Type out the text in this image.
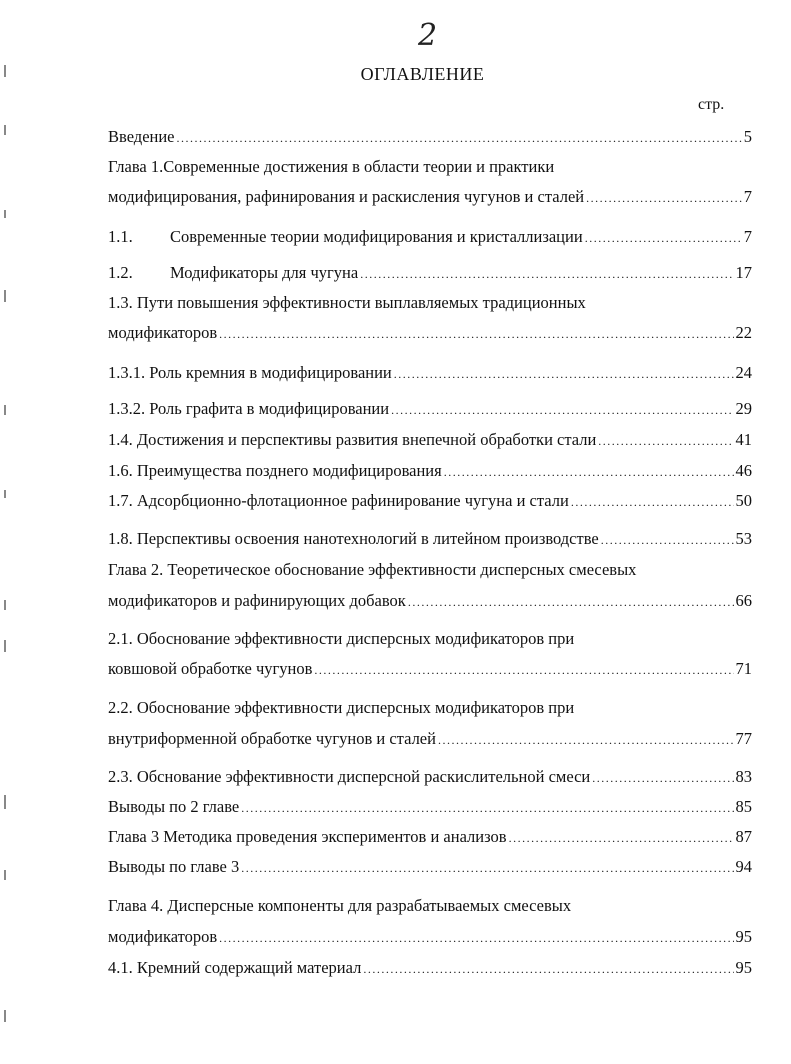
2
ОГЛАВЛЕНИЕ
стр.
Введение .....	5
Глава 1.Современные достижения в области теории и практики
модифицирования, рафинирования и раскисления чугунов и сталей .....	7
1.1. Современные теории модифицирования и кристаллизации .....	7
1.2. Модификаторы для чугуна .....	17
1.3. Пути повышения эффективности выплавляемых традиционных
модификаторов .....	22
1.3.1. Роль кремния в модифицировании .....	24
1.3.2. Роль графита в модифицировании .....	29
1.4. Достижения и перспективы развития внепечной обработки стали .....	41
1.6. Преимущества позднего модифицирования .....	46
1.7. Адсорбционно-флотационное рафинирование чугуна и стали .....	50
1.8. Перспективы освоения нанотехнологий в литейном производстве .....	53
Глава 2. Теоретическое обоснование эффективности дисперсных смесевых
модификаторов и рафинирующих добавок .....	66
2.1. Обоснование эффективности дисперсных модификаторов при
ковшовой обработке чугунов .....	71
2.2. Обоснование эффективности дисперсных модификаторов при
внутриформенной обработке чугунов и сталей .....	77
2.3. Обснование эффективности дисперсной раскислительной смеси .....	83
Выводы по 2 главе .....	85
Глава 3 Методика проведения экспериментов и анализов .....	87
Выводы по главе 3 .....	94
Глава 4. Дисперсные компоненты для разрабатываемых смесевых
модификаторов .....	95
4.1. Кремний содержащий материал .....	95
